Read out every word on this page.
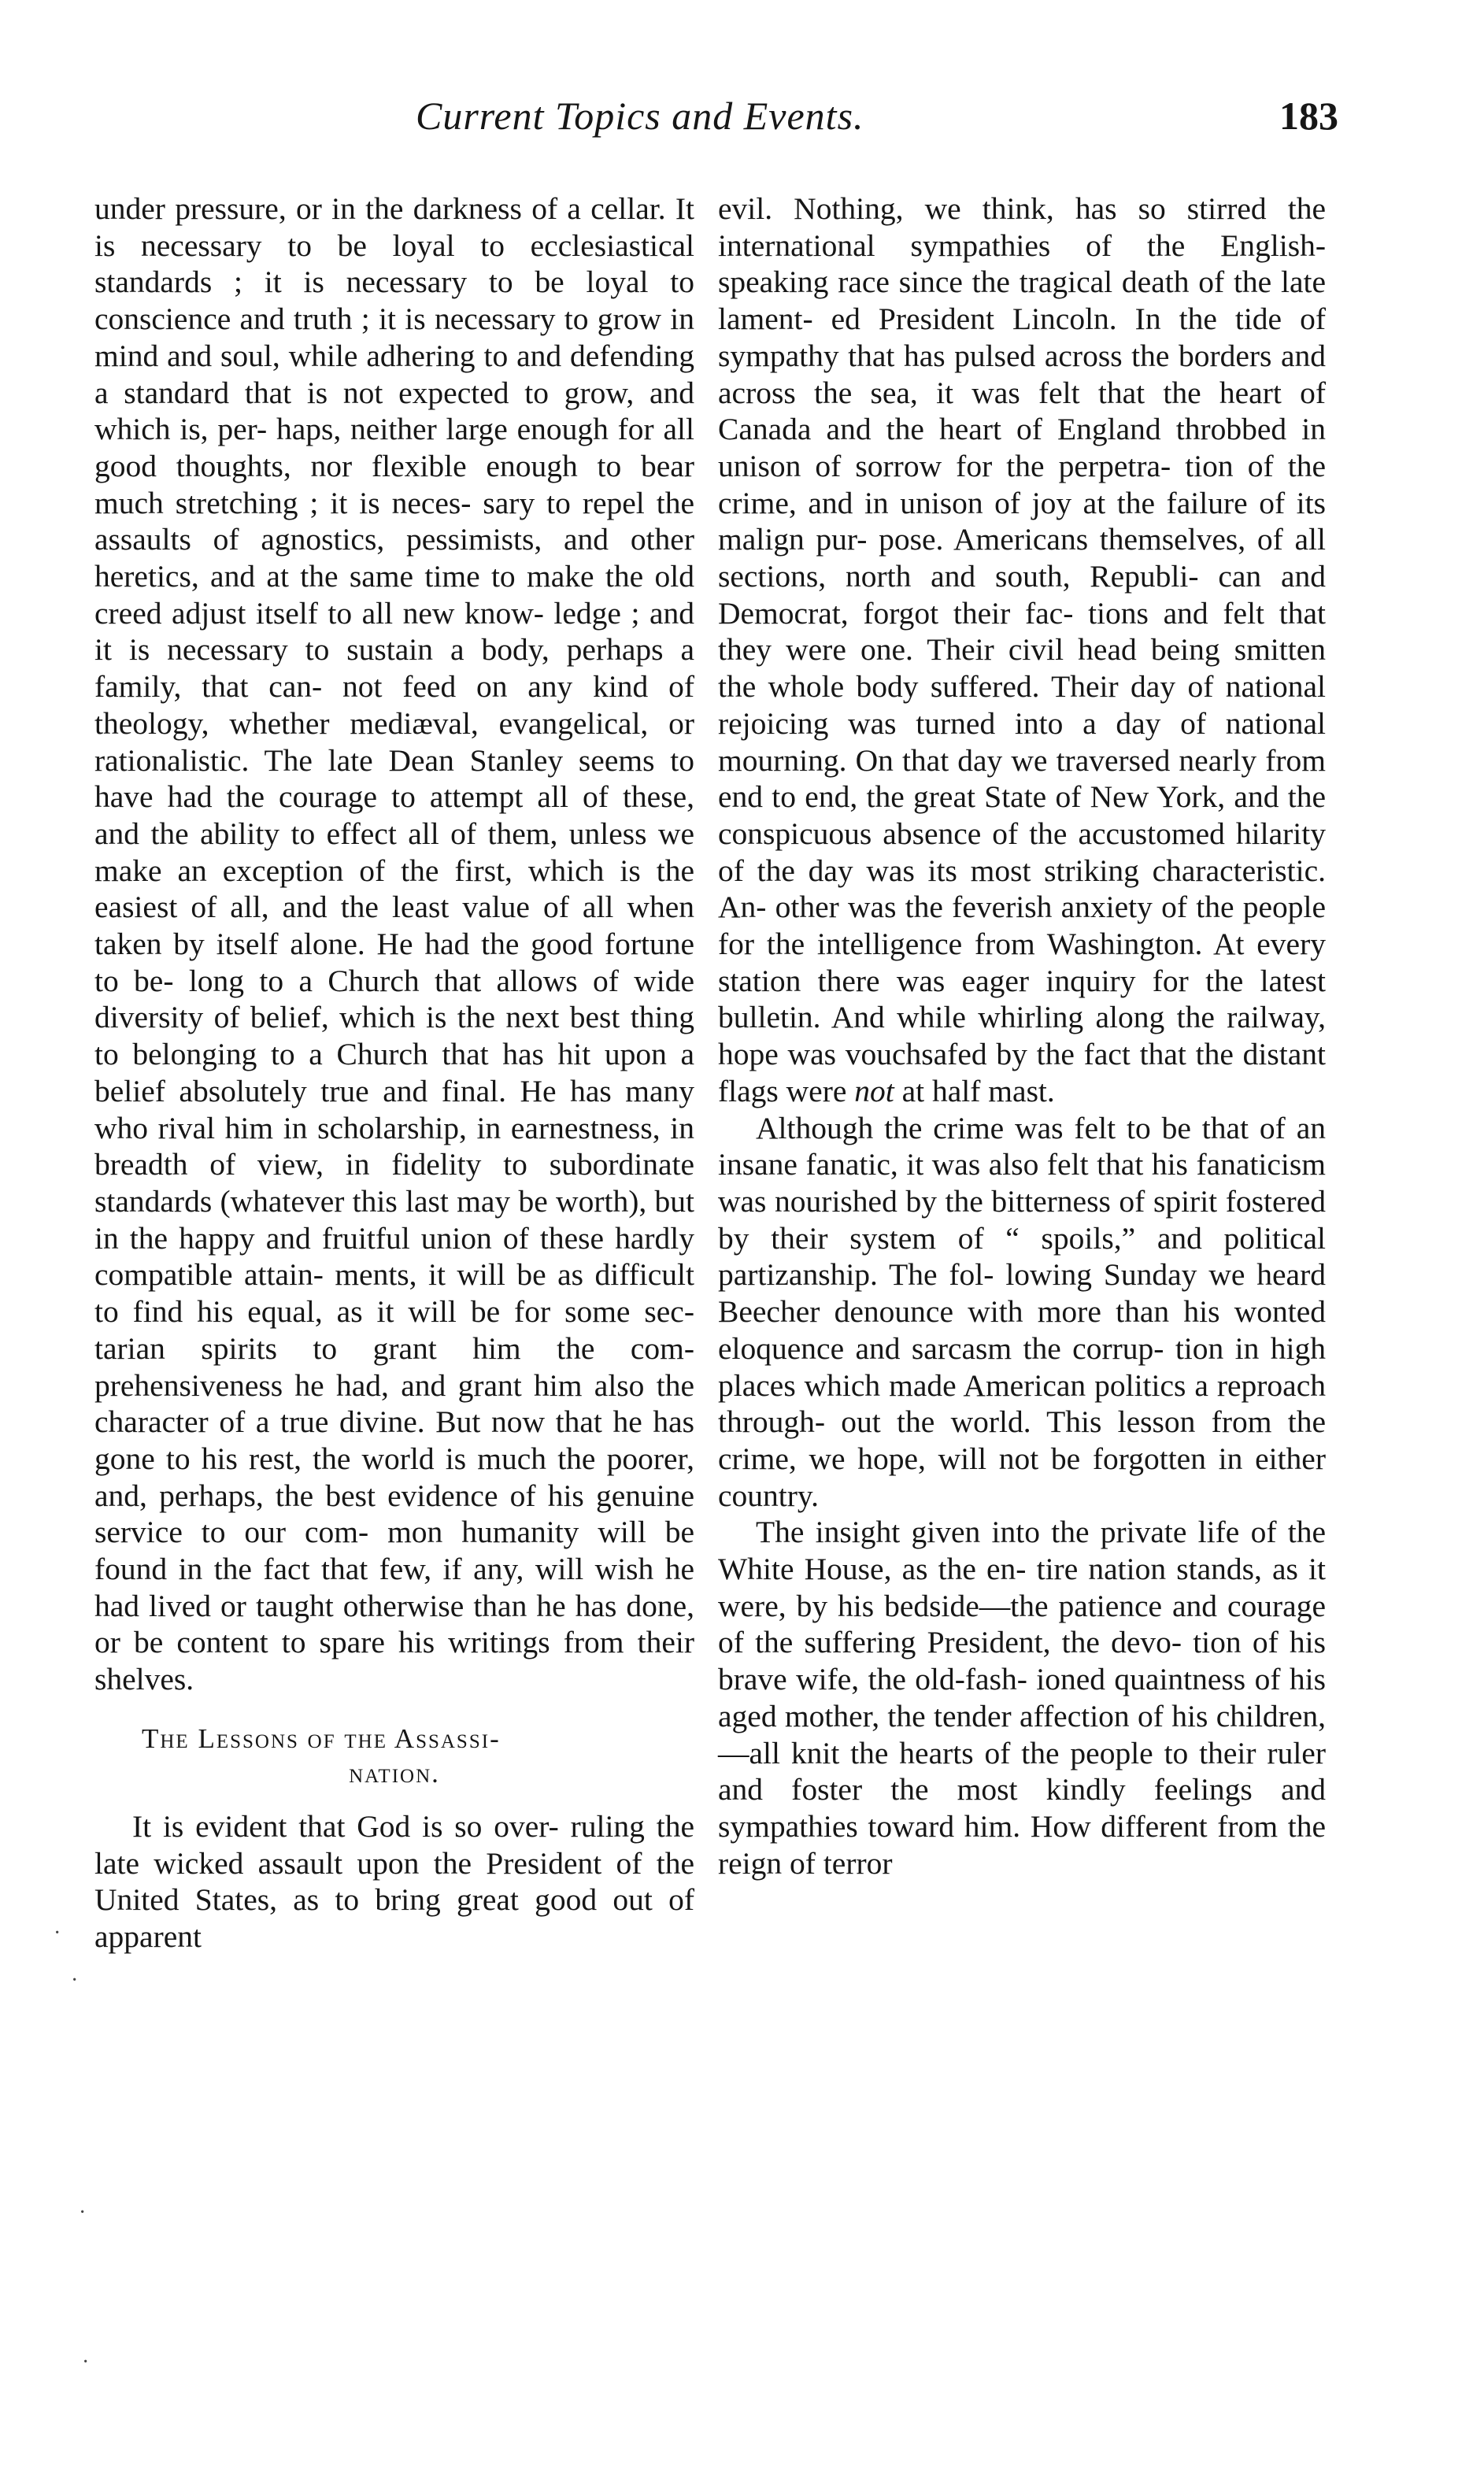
Current Topics and Events.	183

under pressure, or in the darkness of a cellar. It is necessary to be loyal to ecclesiastical standards ; it is necessary to be loyal to conscience and truth ; it is necessary to grow in mind and soul, while adhering to and defending a standard that is not expected to grow, and which is, per- haps, neither large enough for all good thoughts, nor flexible enough to bear much stretching ; it is neces- sary to repel the assaults of agnostics, pessimists, and other heretics, and at the same time to make the old creed adjust itself to all new know- ledge ; and it is necessary to sustain a body, perhaps a family, that can- not feed on any kind of theology, whether mediæval, evangelical, or rationalistic. The late Dean Stanley seems to have had the courage to attempt all of these, and the ability to effect all of them, unless we make an exception of the first, which is the easiest of all, and the least value of all when taken by itself alone. He had the good fortune to be- long to a Church that allows of wide diversity of belief, which is the next best thing to belonging to a Church that has hit upon a belief absolutely true and final. He has many who rival him in scholarship, in earnestness, in breadth of view, in fidelity to subordinate standards (whatever this last may be worth), but in the happy and fruitful union of these hardly compatible attain- ments, it will be as difficult to find his equal, as it will be for some sec- tarian spirits to grant him the com- prehensiveness he had, and grant him also the character of a true divine. But now that he has gone to his rest, the world is much the poorer, and, perhaps, the best evidence of his genuine service to our com- mon humanity will be found in the fact that few, if any, will wish he had lived or taught otherwise than he has done, or be content to spare his writings from their shelves.

The Lessons of the Assassi-
nation.

It is evident that God is so over- ruling the late wicked assault upon the President of the United States, as to bring great good out of apparent

evil. Nothing, we think, has so stirred the international sympathies of the English-speaking race since the tragical death of the late lament- ed President Lincoln. In the tide of sympathy that has pulsed across the borders and across the sea, it was felt that the heart of Canada and the heart of England throbbed in unison of sorrow for the perpetra- tion of the crime, and in unison of joy at the failure of its malign pur- pose. Americans themselves, of all sections, north and south, Republi- can and Democrat, forgot their fac- tions and felt that they were one. Their civil head being smitten the whole body suffered. Their day of national rejoicing was turned into a day of national mourning. On that day we traversed nearly from end to end, the great State of New York, and the conspicuous absence of the accustomed hilarity of the day was its most striking characteristic. An- other was the feverish anxiety of the people for the intelligence from Washington. At every station there was eager inquiry for the latest bulletin. And while whirling along the railway, hope was vouchsafed by the fact that the distant flags were not at half mast.

Although the crime was felt to be that of an insane fanatic, it was also felt that his fanaticism was nourished by the bitterness of spirit fostered by their system of “ spoils,” and political partizanship. The fol- lowing Sunday we heard Beecher denounce with more than his wonted eloquence and sarcasm the corrup- tion in high places which made American politics a reproach through- out the world. This lesson from the crime, we hope, will not be forgotten in either country.

The insight given into the private life of the White House, as the en- tire nation stands, as it were, by his bedside—the patience and courage of the suffering President, the devo- tion of his brave wife, the old-fash- ioned quaintness of his aged mother, the tender affection of his children, —all knit the hearts of the people to their ruler and foster the most kindly feelings and sympathies toward him. How different from the reign of terror

·
·
·
·
